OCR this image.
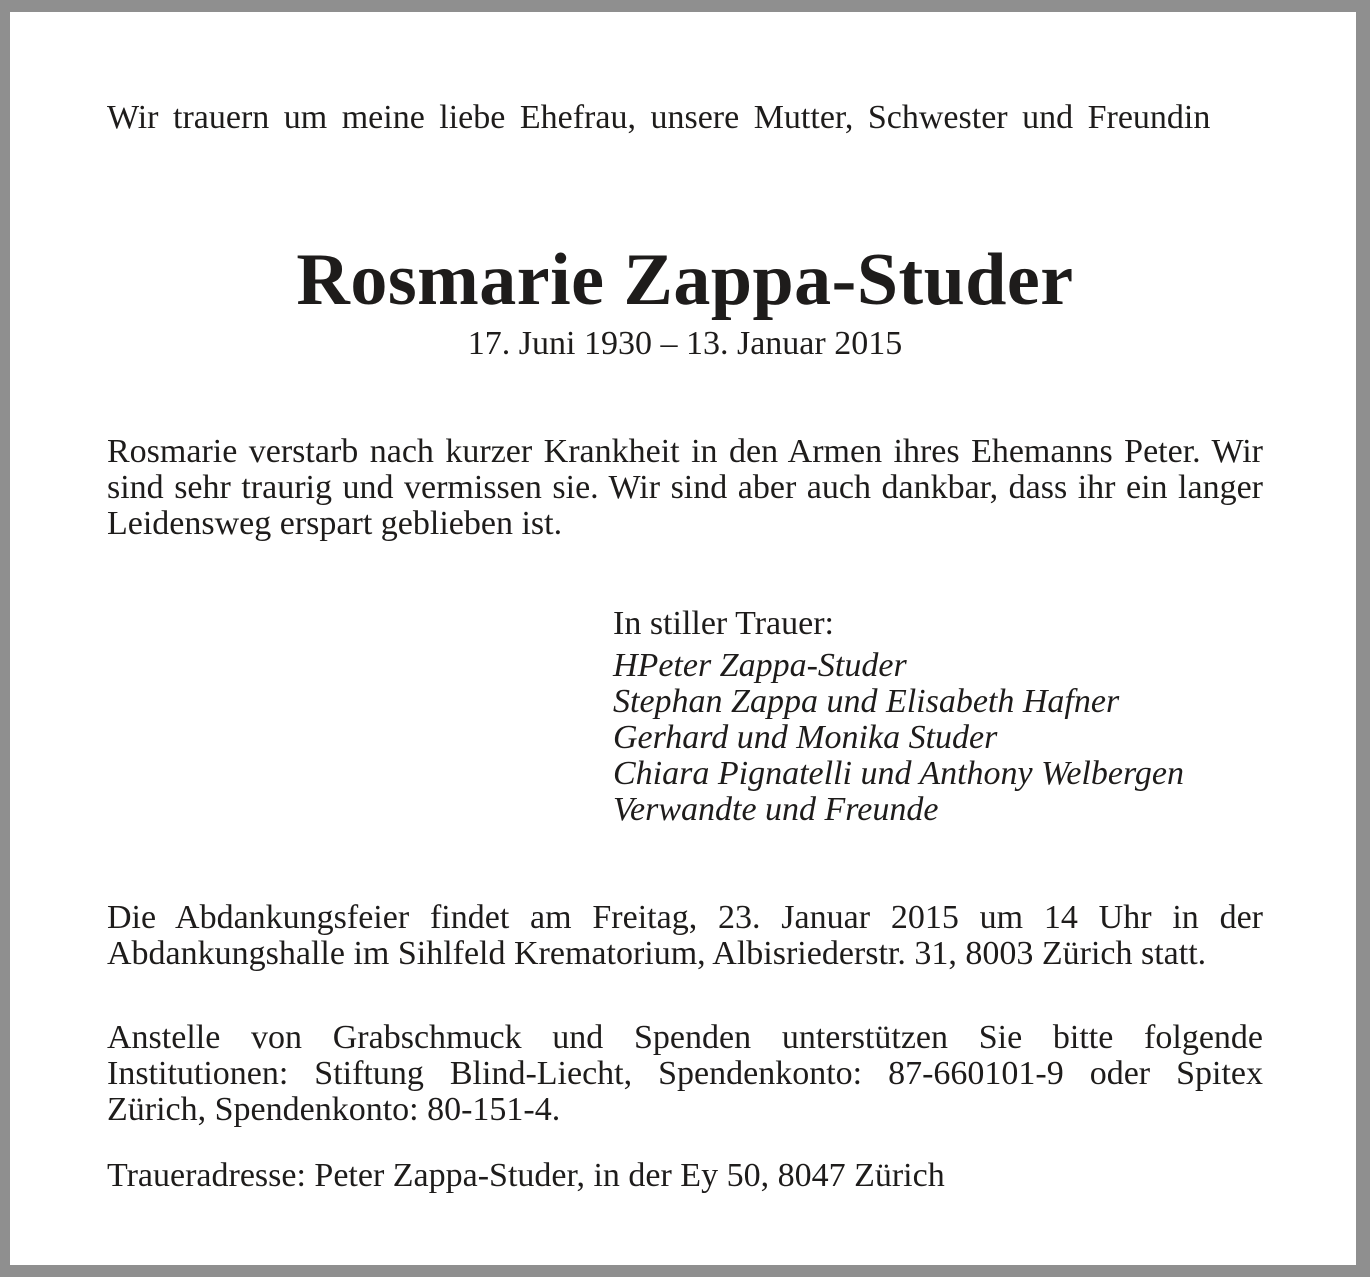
Wir trauern um meine liebe Ehefrau, unsere Mutter, Schwester und Freundin
Rosmarie Zappa-Studer
17. Juni 1930 – 13. Januar 2015
Rosmarie verstarb nach kurzer Krankheit in den Armen ihres Ehemanns Peter. Wir sind sehr traurig und vermissen sie. Wir sind aber auch dankbar, dass ihr ein langer Leidensweg erspart geblieben ist.
In stiller Trauer:
HPeter Zappa-Studer
Stephan Zappa und Elisabeth Hafner
Gerhard und Monika Studer
Chiara Pignatelli und Anthony Welbergen
Verwandte und Freunde
Die Abdankungsfeier findet am Freitag, 23. Januar 2015 um 14 Uhr in der Abdankungshalle im Sihlfeld Krematorium, Albisriederstr. 31, 8003 Zürich statt.
Anstelle von Grabschmuck und Spenden unterstützen Sie bitte folgende Institutionen: Stiftung Blind-Liecht, Spendenkonto: 87-660101-9 oder Spitex Zürich, Spendenkonto: 80-151-4.
Traueradresse: Peter Zappa-Studer, in der Ey 50, 8047 Zürich
